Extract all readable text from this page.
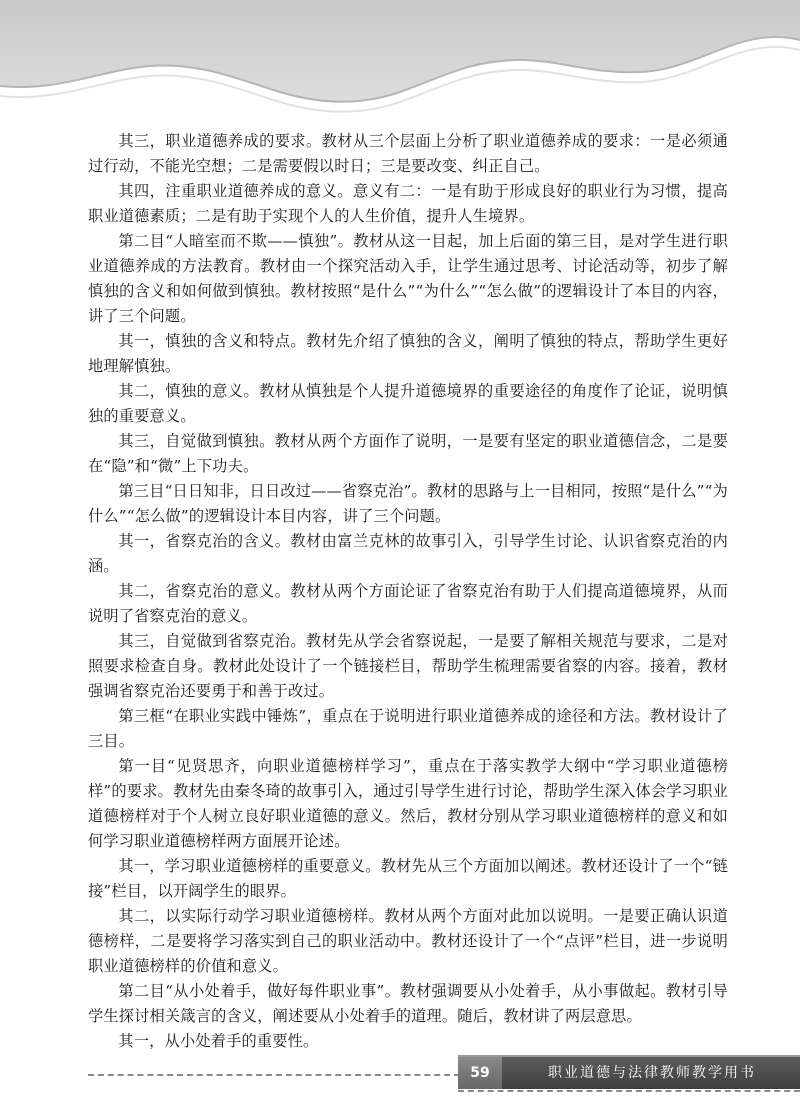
其三，职业道德养成的要求。教材从三个层面上分析了职业道德养成的要求：一是必须通过行动，不能光空想；二是需要假以时日；三是要改变、纠正自己。

其四，注重职业道德养成的意义。意义有二：一是有助于形成良好的职业行为习惯，提高职业道德素质；二是有助于实现个人的人生价值，提升人生境界。

第二目“人暗室而不欺——慎独”。教材从这一目起，加上后面的第三目，是对学生进行职业道德养成的方法教育。教材由一个探究活动入手，让学生通过思考、讨论活动等，初步了解慎独的含义和如何做到慎独。教材按照“是什么”“为什么”“怎么做”的逻辑设计了本目的内容，讲了三个问题。

其一，慎独的含义和特点。教材先介绍了慎独的含义，阐明了慎独的特点，帮助学生更好地理解慎独。

其二，慎独的意义。教材从慎独是个人提升道德境界的重要途径的角度作了论证，说明慎独的重要意义。

其三，自觉做到慎独。教材从两个方面作了说明，一是要有坚定的职业道德信念，二是要在“隐”和“微”上下功夫。

第三目“日日知非，日日改过——省察克治”。教材的思路与上一目相同，按照“是什么”“为什么”“怎么做”的逻辑设计本目内容，讲了三个问题。

其一，省察克治的含义。教材由富兰克林的故事引入，引导学生讨论、认识省察克治的内涵。

其二，省察克治的意义。教材从两个方面论证了省察克治有助于人们提高道德境界，从而说明了省察克治的意义。

其三，自觉做到省察克治。教材先从学会省察说起，一是要了解相关规范与要求，二是对照要求检查自身。教材此处设计了一个链接栏目，帮助学生梳理需要省察的内容。接着，教材强调省察克治还要勇于和善于改过。

第三框“在职业实践中锤炼”，重点在于说明进行职业道德养成的途径和方法。教材设计了三目。

第一目“见贤思齐，向职业道德榜样学习”，重点在于落实教学大纲中“学习职业道德榜样”的要求。教材先由秦冬琦的故事引入，通过引导学生进行讨论，帮助学生深入体会学习职业道德榜样对于个人树立良好职业道德的意义。然后，教材分别从学习职业道德榜样的意义和如何学习职业道德榜样两方面展开论述。

其一，学习职业道德榜样的重要意义。教材先从三个方面加以阐述。教材还设计了一个“链接”栏目，以开阔学生的眼界。

其二，以实际行动学习职业道德榜样。教材从两个方面对此加以说明。一是要正确认识道德榜样，二是要将学习落实到自己的职业活动中。教材还设计了一个“点评”栏目，进一步说明职业道德榜样的价值和意义。

第二目“从小处着手，做好每件职业事”。教材强调要从小处着手，从小事做起。教材引导学生探讨相关箴言的含义，阐述要从小处着手的道理。随后，教材讲了两层意思。

其一，从小处着手的重要性。

59	职业道德与法律教师教学用书
